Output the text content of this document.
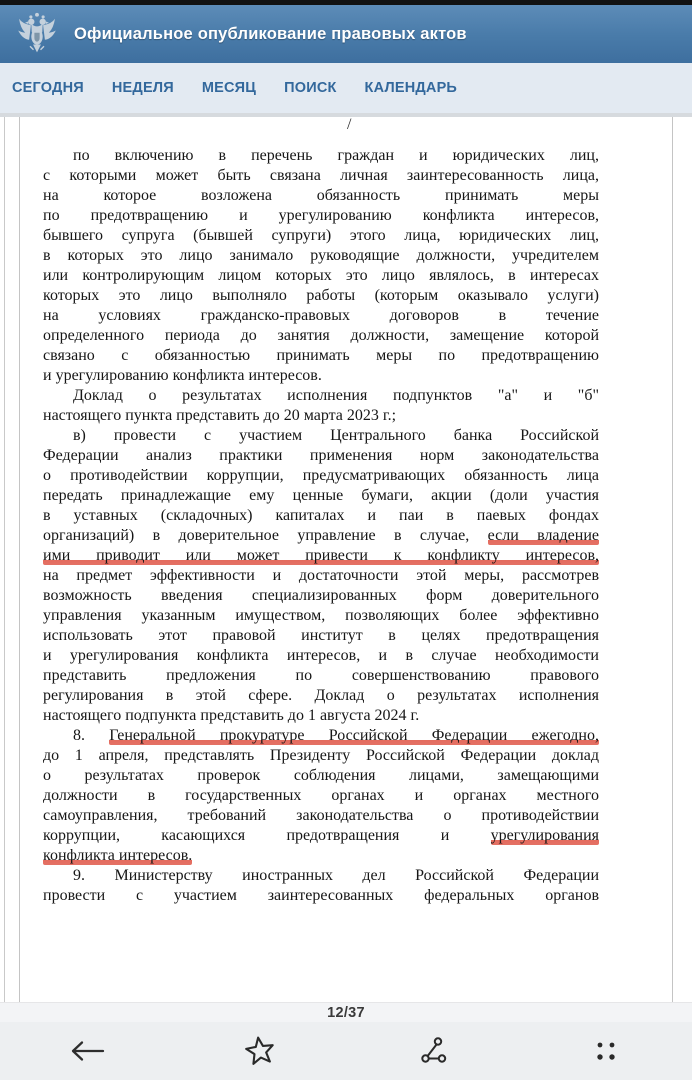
Официальное опубликование правовых актов
СЕГОДНЯ НЕДЕЛЯ МЕСЯЦ ПОИСК КАЛЕНДАРЬ
/
по включению в перечень граждан и юридических лиц,
с которыми может быть связана личная заинтересованность лица,
на которое возложена обязанность принимать меры
по предотвращению и урегулированию конфликта интересов,
бывшего супруга (бывшей супруги) этого лица, юридических лиц,
в которых это лицо занимало руководящие должности, учредителем
или контролирующим лицом которых это лицо являлось, в интересах
которых это лицо выполняло работы (которым оказывало услуги)
на условиях гражданско-правовых договоров в течение
определенного периода до занятия должности, замещение которой
связано с обязанностью принимать меры по предотвращению
и урегулированию конфликта интересов.
Доклад о результатах исполнения подпунктов "а" и "б"
настоящего пункта представить до 20 марта 2023 г.;
в) провести с участием Центрального банка Российской
Федерации анализ практики применения норм законодательства
о противодействии коррупции, предусматривающих обязанность лица
передать принадлежащие ему ценные бумаги, акции (доли участия
в уставных (складочных) капиталах и паи в паевых фондах
организаций) в доверительное управление в случае, если владение
ими приводит или может привести к конфликту интересов,
на предмет эффективности и достаточности этой меры, рассмотрев
возможность введения специализированных форм доверительного
управления указанным имуществом, позволяющих более эффективно
использовать этот правовой институт в целях предотвращения
и урегулирования конфликта интересов, и в случае необходимости
представить предложения по совершенствованию правового
регулирования в этой сфере. Доклад о результатах исполнения
настоящего подпункта представить до 1 августа 2024 г.
8. Генеральной прокуратуре Российской Федерации ежегодно,
до 1 апреля, представлять Президенту Российской Федерации доклад
о результатах проверок соблюдения лицами, замещающими
должности в государственных органах и органах местного
самоуправления, требований законодательства о противодействии
коррупции, касающихся предотвращения и урегулирования
конфликта интересов.
9. Министерству иностранных дел Российской Федерации
провести с участием заинтересованных федеральных органов
12/37
